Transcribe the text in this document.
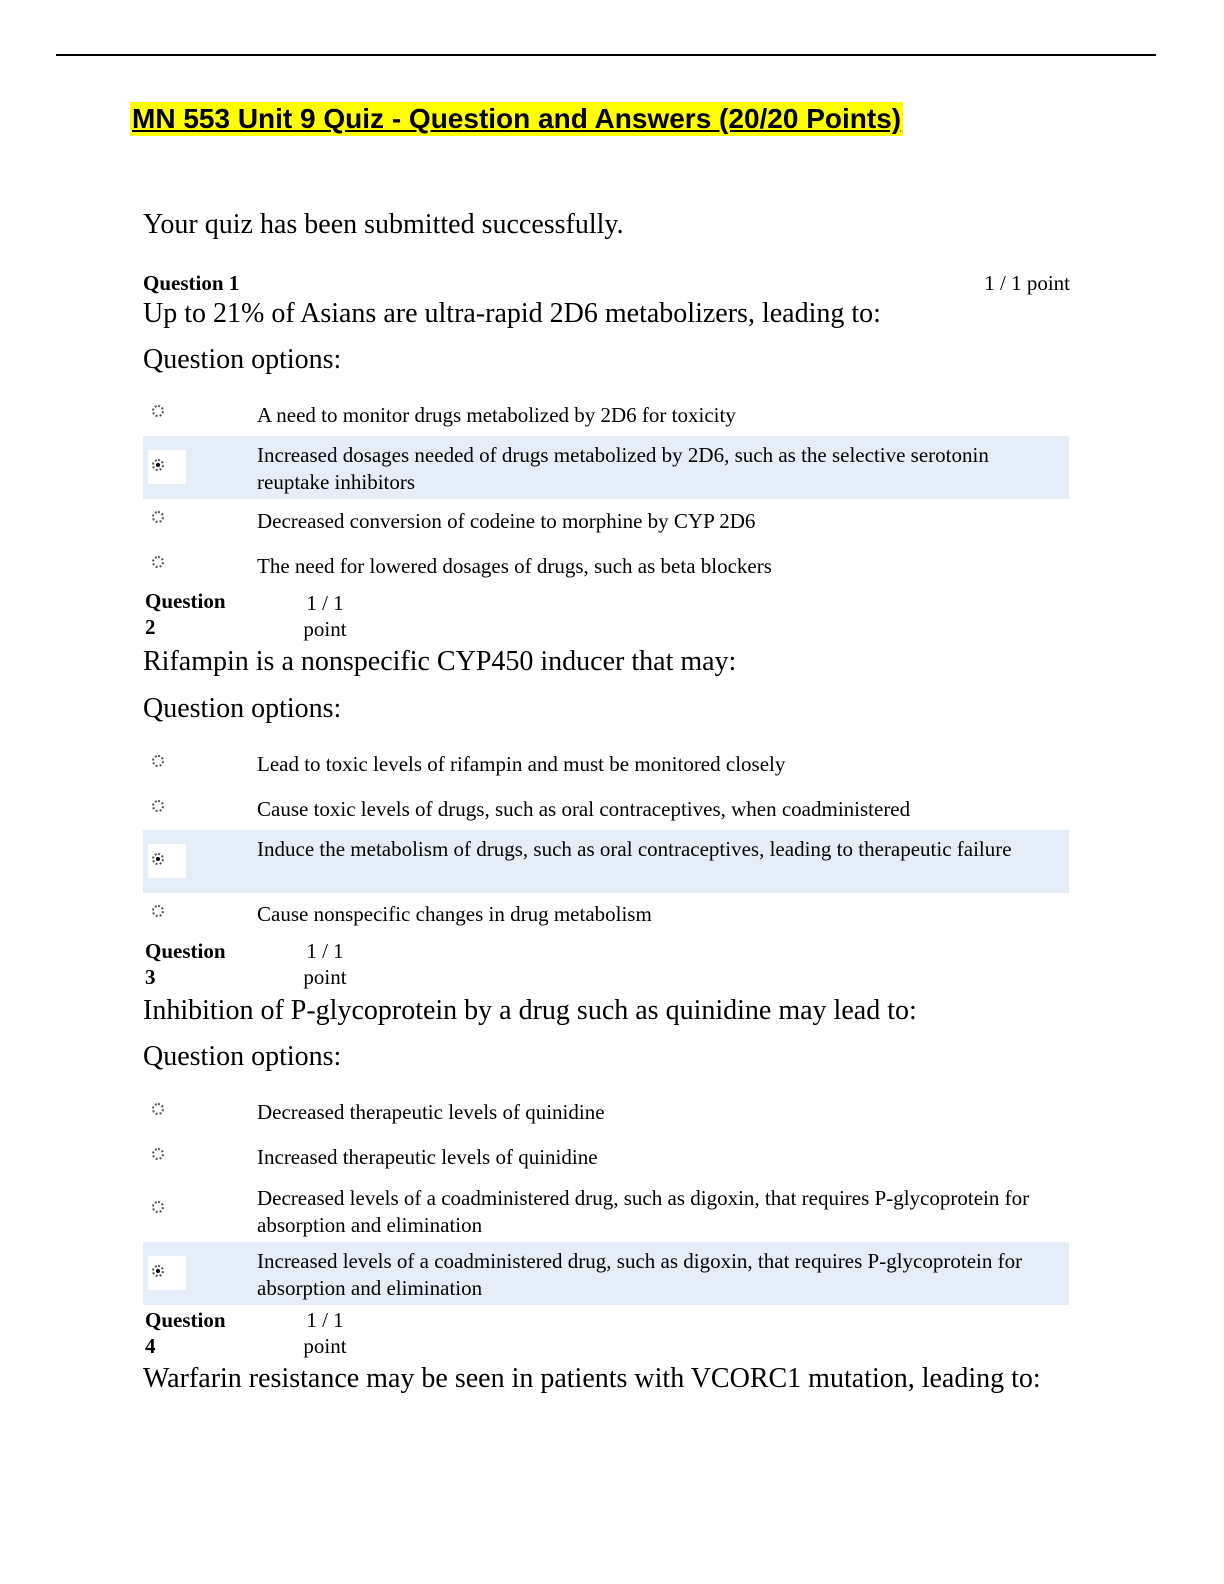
MN 553 Unit 9 Quiz - Question and Answers (20/20 Points)
Your quiz has been submitted successfully.
Question 1	1 / 1 point
Up to 21% of Asians are ultra-rapid 2D6 metabolizers, leading to:
Question options:
A need to monitor drugs metabolized by 2D6 for toxicity
Increased dosages needed of drugs metabolized by 2D6, such as the selective serotonin reuptake inhibitors
Decreased conversion of codeine to morphine by CYP 2D6
The need for lowered dosages of drugs, such as beta blockers
Question
2
1 / 1
point
Rifampin is a nonspecific CYP450 inducer that may:
Question options:
Lead to toxic levels of rifampin and must be monitored closely
Cause toxic levels of drugs, such as oral contraceptives, when coadministered
Induce the metabolism of drugs, such as oral contraceptives, leading to therapeutic failure
Cause nonspecific changes in drug metabolism
Question
3
1 / 1
point
Inhibition of P-glycoprotein by a drug such as quinidine may lead to:
Question options:
Decreased therapeutic levels of quinidine
Increased therapeutic levels of quinidine
Decreased levels of a coadministered drug, such as digoxin, that requires P-glycoprotein for absorption and elimination
Increased levels of a coadministered drug, such as digoxin, that requires P-glycoprotein for absorption and elimination
Question
4
1 / 1
point
Warfarin resistance may be seen in patients with VCORC1 mutation, leading to:
